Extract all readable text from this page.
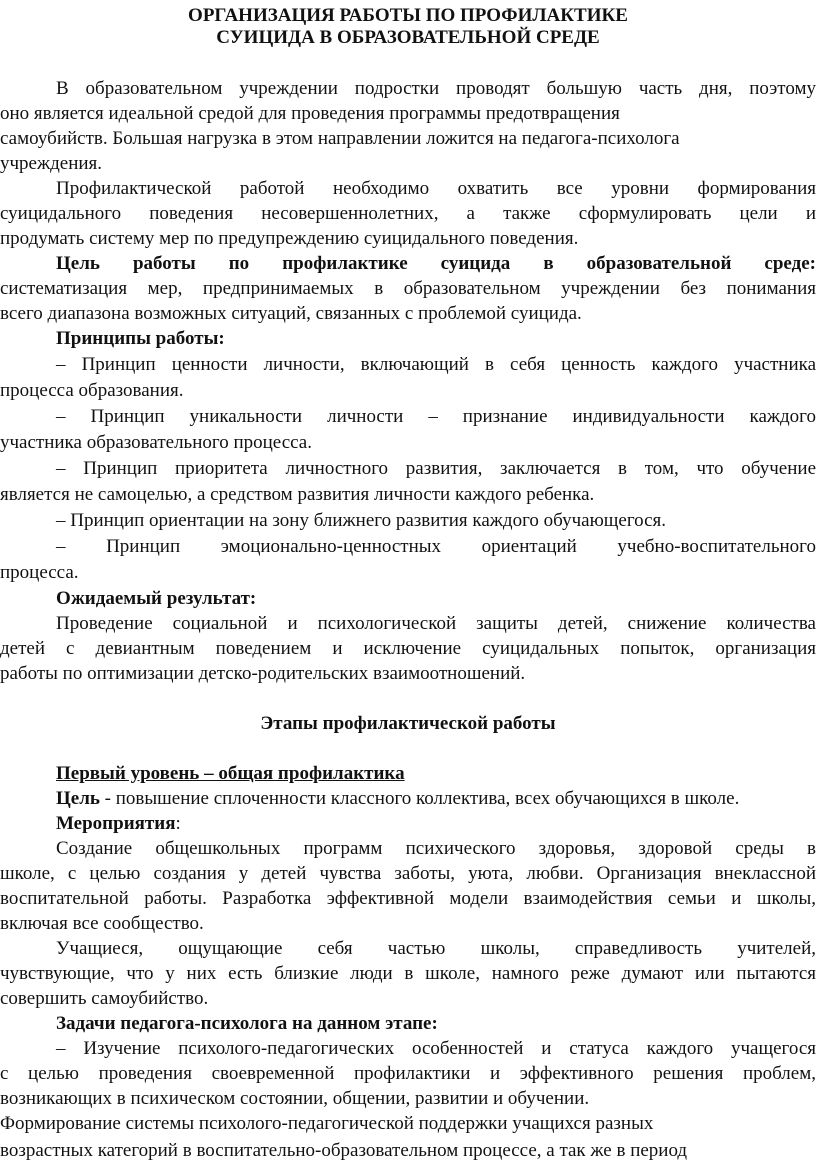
ОРГАНИЗАЦИЯ РАБОТЫ ПО ПРОФИЛАКТИКЕ
СУИЦИДА В ОБРАЗОВАТЕЛЬНОЙ СРЕДЕ
В образовательном учреждении подростки проводят большую часть дня, поэтому
оно является идеальной средой для проведения программы предотвращения
самоубийств. Большая нагрузка в этом направлении ложится на педагога-психолога
учреждения.
Профилактической работой необходимо охватить все уровни формирования
суицидального поведения несовершеннолетних, а также сформулировать цели и
продумать систему мер по предупреждению суицидального поведения.
Цель работы по профилактике суицида в образовательной среде:
систематизация мер, предпринимаемых в образовательном учреждении без понимания
всего диапазона возможных ситуаций, связанных с проблемой суицида.
Принципы работы:
– Принцип ценности личности, включающий в себя ценность каждого участника
процесса образования.
– Принцип уникальности личности – признание индивидуальности каждого
участника образовательного процесса.
– Принцип приоритета личностного развития, заключается в том, что обучение
является не самоцелью, а средством развития личности каждого ребенка.
– Принцип ориентации на зону ближнего развития каждого обучающегося.
– Принцип эмоционально-ценностных ориентаций учебно-воспитательного
процесса.
Ожидаемый результат:
Проведение социальной и психологической защиты детей, снижение количества
детей с девиантным поведением и исключение суицидальных попыток, организация
работы по оптимизации детско-родительских взаимоотношений.
Этапы профилактической работы
Первый уровень – общая профилактика
Цель - повышение сплоченности классного коллектива, всех обучающихся в школе.
Мероприятия:
Создание общешкольных программ психического здоровья, здоровой среды в
школе, с целью создания у детей чувства заботы, уюта, любви. Организация внеклассной
воспитательной работы. Разработка эффективной модели взаимодействия семьи и школы,
включая все сообщество.
Учащиеся, ощущающие себя частью школы, справедливость учителей,
чувствующие, что у них есть близкие люди в школе, намного реже думают или пытаются
совершить самоубийство.
Задачи педагога-психолога на данном этапе:
– Изучение психолого-педагогических особенностей и статуса каждого учащегося
с целью проведения своевременной профилактики и эффективного решения проблем,
возникающих в психическом состоянии, общении, развитии и обучении.
Формирование системы психолого-педагогической поддержки учащихся разных
возрастных категорий в воспитательно-образовательном процессе, а так же в период
